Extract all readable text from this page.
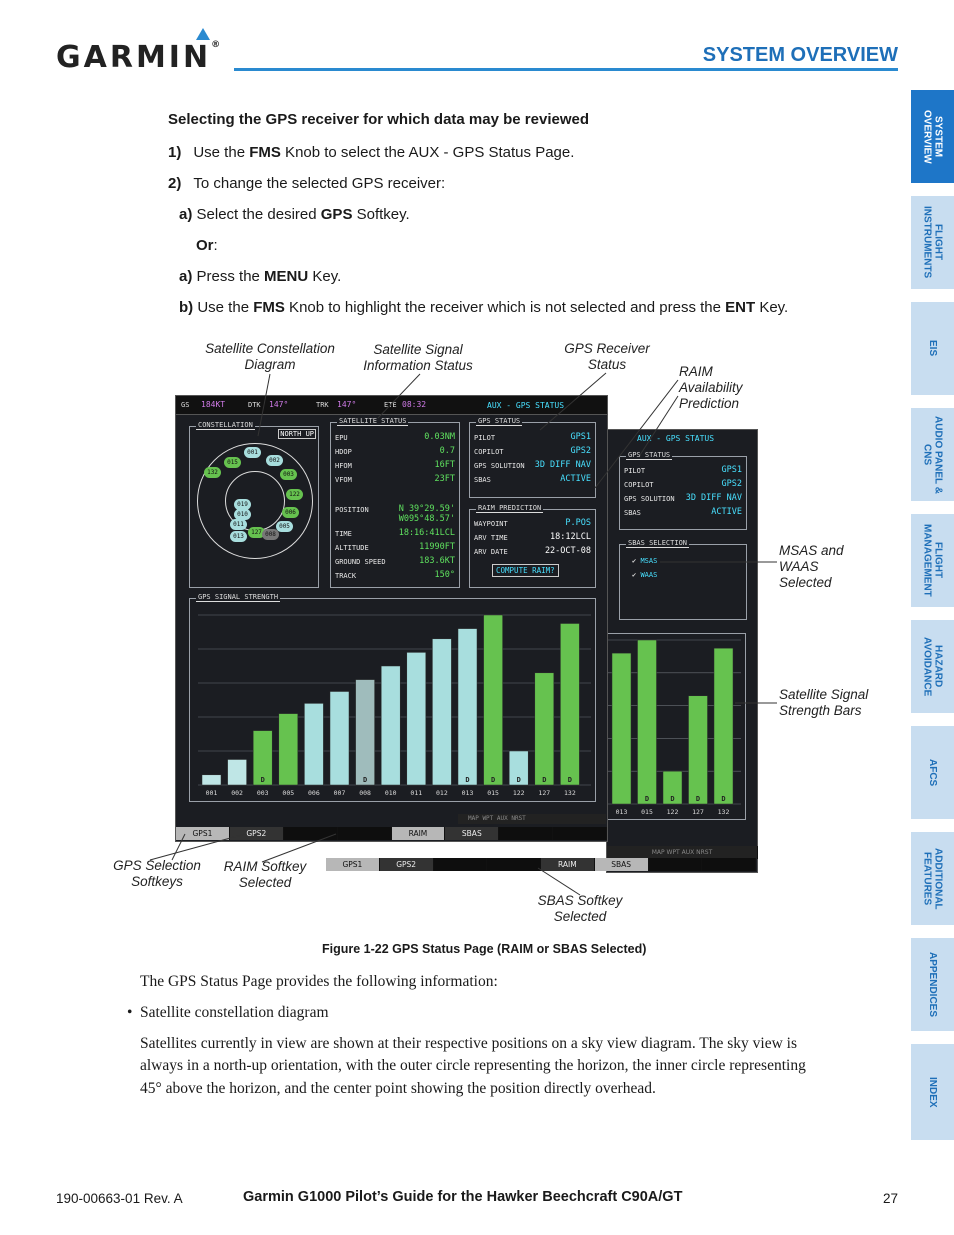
GARMIN®	SYSTEM OVERVIEW
SYSTEM OVERVIEW
FLIGHT INSTRUMENTS
EIS
AUDIO PANEL & CNS
FLIGHT MANAGEMENT
HAZARD AVOIDANCE
AFCS
ADDITIONAL FEATURES
APPENDICES
INDEX
Selecting the GPS receiver for which data may be reviewed
1) Use the FMS Knob to select the AUX - GPS Status Page.
2) To change the selected GPS receiver:
a) Select the desired GPS Softkey.
Or:
a) Press the MENU Key.
b) Use the FMS Knob to highlight the receiver which is not selected and press the ENT Key.
Satellite Constellation
Diagram
Satellite Signal
Information Status
GPS Receiver
Status	RAIM
Availability
Prediction
MSAS and
WAAS
Selected
Satellite Signal
Strength Bars
GPS Selection
Softkeys
RAIM Softkey
Selected
SBAS Softkey
Selected
AUX - GPS STATUS
GPS STATUS
PILOT	GPS1
COPILOT	GPS2
GPS SOLUTION 3D DIFF NAV
SBAS	ACTIVE
SBAS SELECTION
✔ MSAS
✔ WAAS
013 015
D
122
D
127
D
132
D
MAP WPT AUX NRST
GS 184KT	DTK 147°	TRK 147°	ETE 08:32	AUX - GPS STATUS
CONSTELLATION
NORTH UP
001
002
132
015
003
122
019
006
010
011	005
127 008
013
SATELLITE STATUS
EPU	0.03NM
HDOP	0.7
HFOM	16FT
VFOM	23FT
POSITION	N 39°29.59'
W095°48.57'
TIME	18:16:41LCL
ALTITUDE	11990FT
GROUND SPEED	183.6KT
TRACK	150°
GPS STATUS
PILOT	GPS1
COPILOT	GPS2
GPS SOLUTION 3D DIFF NAV
SBAS	ACTIVE
RAIM PREDICTION
WAYPOINT	P.POS
ARV TIME	18:12LCL
ARV DATE	22-OCT-08
COMPUTE RAIM?
GPS SIGNAL STRENGTH
001 002 003
D
005 006 007 008
D
010 011 012 013
D
015
D
122
D
127
D
132
D
MAP WPT AUX NRST
GPS1	GPS2	RAIM	SBAS
GPS1	GPS2	RAIM	SBAS
Figure 1-22 GPS Status Page (RAIM or SBAS Selected)
The GPS Status Page provides the following information:
• Satellite constellation diagram
Satellites currently in view are shown at their respective positions on a sky view diagram. The sky view is
always in a north-up orientation, with the outer circle representing the horizon, the inner circle representing
45° above the horizon, and the center point showing the position directly overhead.
190-00663-01 Rev. A	Garmin G1000 Pilot’s Guide for the Hawker Beechcraft C90A/GT	27
